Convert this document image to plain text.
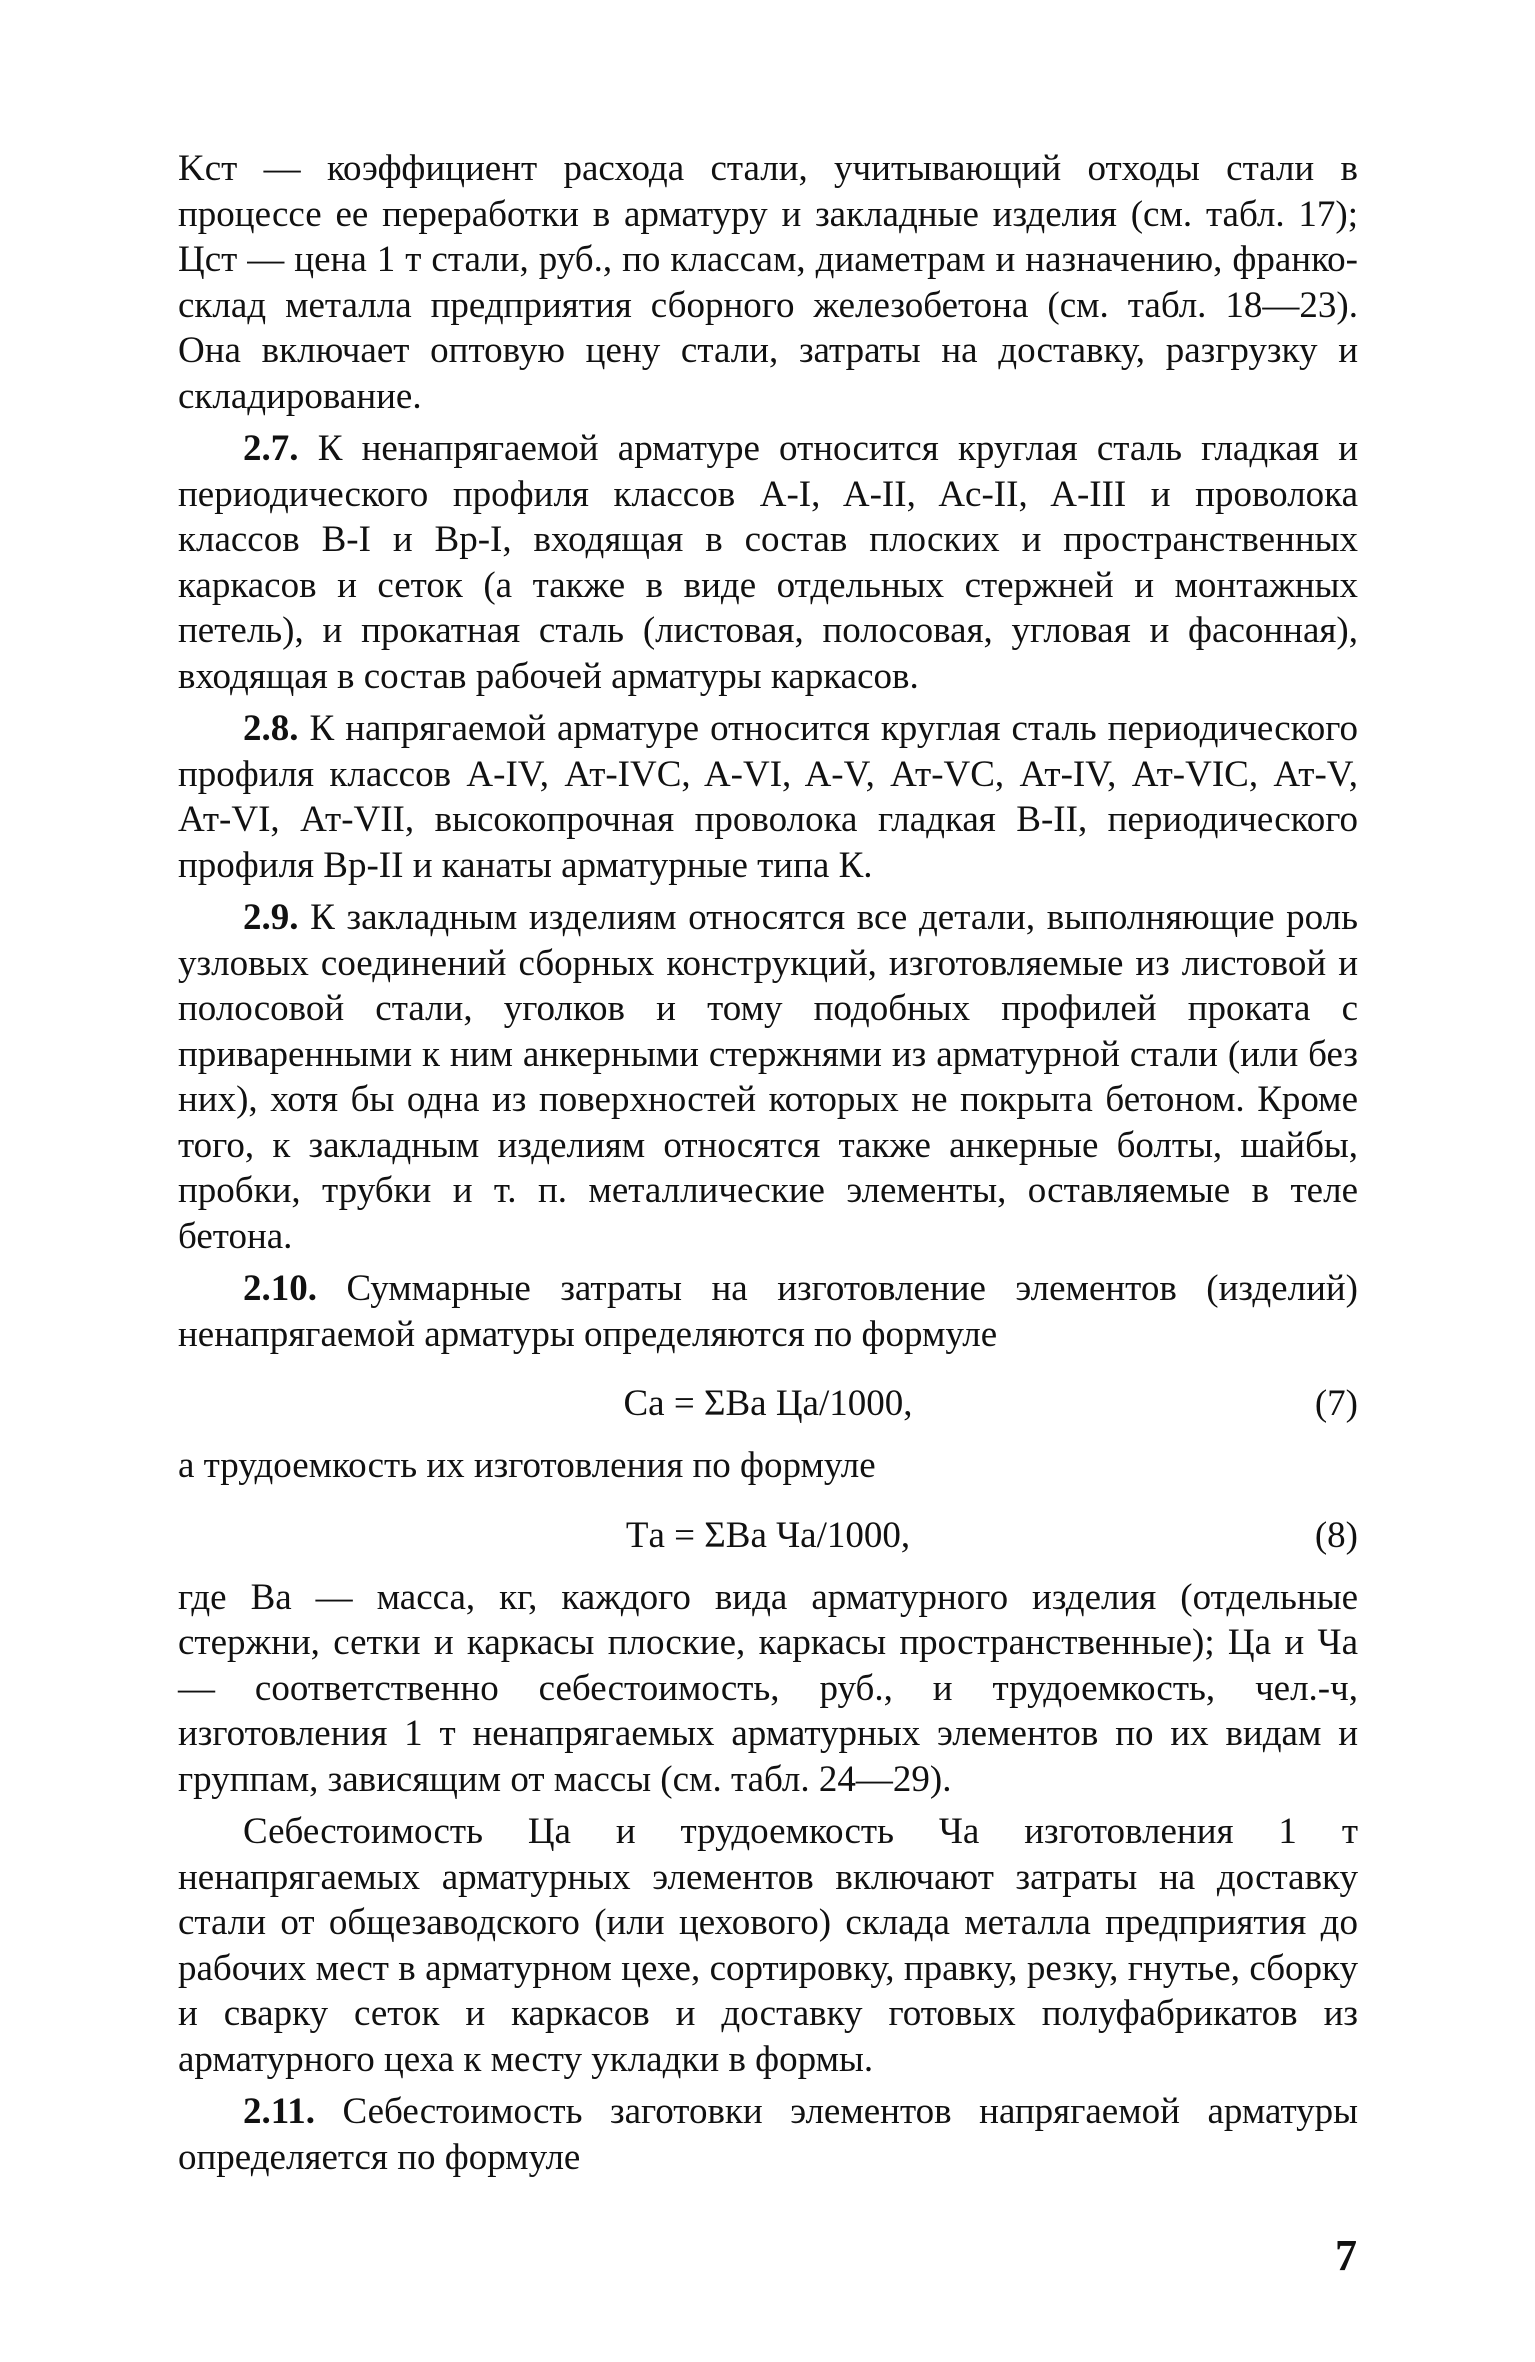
Kст — коэффициент расхода стали, учитывающий отходы стали в процессе ее переработки в арматуру и закладные изделия (см. табл. 17); Цст — цена 1 т стали, руб., по классам, диаметрам и назначению, франко-склад металла предприятия сборного железобетона (см. табл. 18—23). Она включает оптовую цену стали, затраты на доставку, разгрузку и складирование.

2.7. К ненапрягаемой арматуре относится круглая сталь гладкая и периодического профиля классов A-I, A-II, Ac-II, A-III и проволока классов B-I и Bp-I, входящая в состав плоских и пространственных каркасов и сеток (а также в виде отдельных стержней и монтажных петель), и прокатная сталь (листовая, полосовая, угловая и фасонная), входящая в состав рабочей арматуры каркасов.

2.8. К напрягаемой арматуре относится круглая сталь периодического профиля классов A-IV, Ат-IVC, A-VI, A-V, Ат-VC, Ат-IV, Ат-VIC, Ат-V, Ат-VI, Ат-VII, высокопрочная проволока гладкая B-II, периодического профиля Bp-II и канаты арматурные типа К.

2.9. К закладным изделиям относятся все детали, выполняющие роль узловых соединений сборных конструкций, изготовляемые из листовой и полосовой стали, уголков и тому подобных профилей проката с приваренными к ним анкерными стержнями из арматурной стали (или без них), хотя бы одна из поверхностей которых не покрыта бетоном. Кроме того, к закладным изделиям относятся также анкерные болты, шайбы, пробки, трубки и т. п. металлические элементы, оставляемые в теле бетона.

2.10. Суммарные затраты на изготовление элементов (изделий) ненапрягаемой арматуры определяются по формуле

Cа = ΣBа Цa/1000,	(7)

а трудоемкость их изготовления по формуле

Tа = ΣBа Чa/1000,	(8)

где Bа — масса, кг, каждого вида арматурного изделия (отдельные стержни, сетки и каркасы плоские, каркасы пространственные); Цa и Чa — соответственно себестоимость, руб., и трудоемкость, чел.-ч, изготовления 1 т ненапрягаемых арматурных элементов по их видам и группам, зависящим от массы (см. табл. 24—29).

Себестоимость Цa и трудоемкость Чa изготовления 1 т ненапрягаемых арматурных элементов включают затраты на доставку стали от общезаводского (или цехового) склада металла предприятия до рабочих мест в арматурном цехе, сортировку, правку, резку, гнутье, сборку и сварку сеток и каркасов и доставку готовых полуфабрикатов из арматурного цеха к месту укладки в формы.

2.11. Себестоимость заготовки элементов напрягаемой арматуры определяется по формуле

7
